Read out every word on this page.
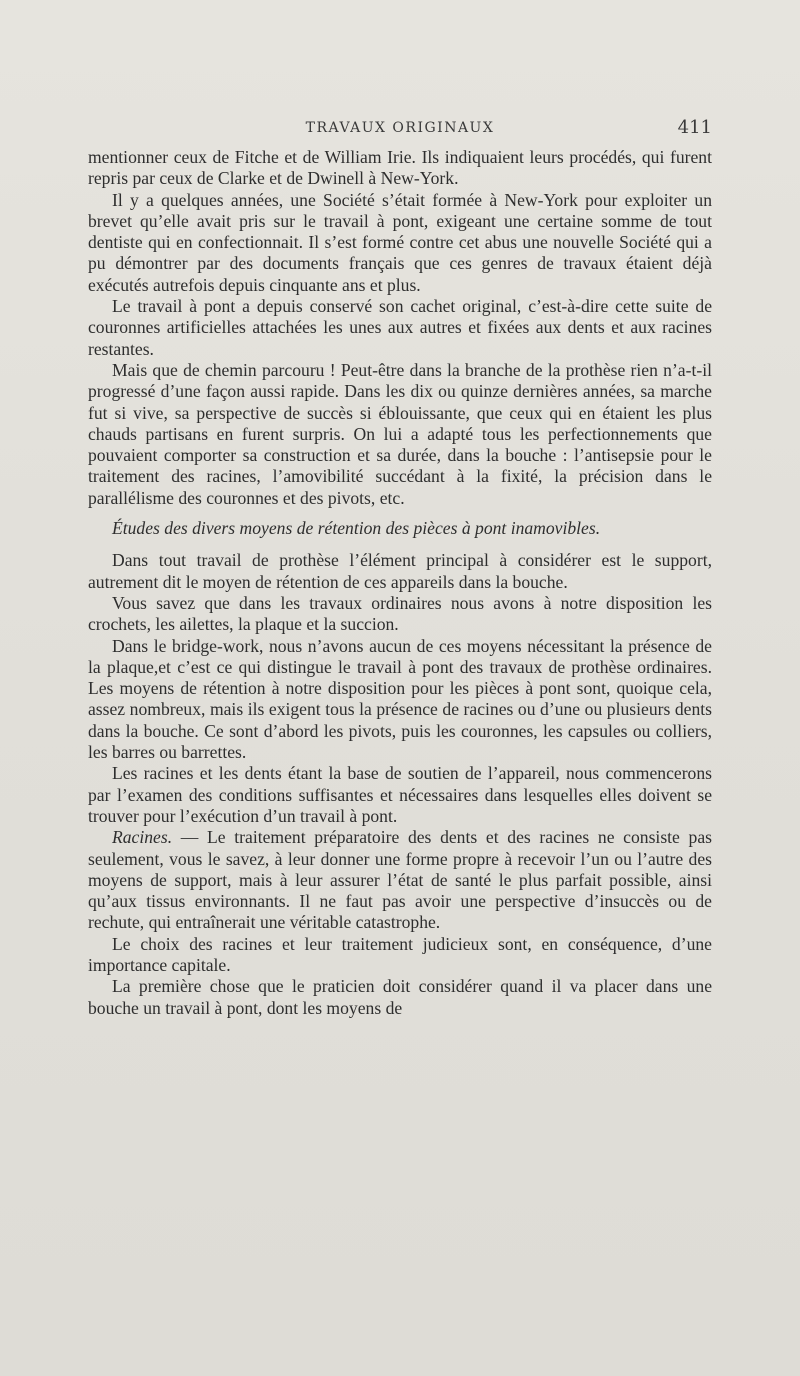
TRAVAUX ORIGINAUX	411

mentionner ceux de Fitche et de William Irie. Ils indiquaient leurs procédés, qui furent repris par ceux de Clarke et de Dwinell à New-York.

Il y a quelques années, une Société s’était formée à New-York pour exploiter un brevet qu’elle avait pris sur le travail à pont, exigeant une certaine somme de tout dentiste qui en confectionnait. Il s’est formé contre cet abus une nouvelle Société qui a pu démontrer par des documents français que ces genres de travaux étaient déjà exécutés autrefois depuis cinquante ans et plus.

Le travail à pont a depuis conservé son cachet original, c’est-à-dire cette suite de couronnes artificielles attachées les unes aux autres et fixées aux dents et aux racines restantes.

Mais que de chemin parcouru ! Peut-être dans la branche de la prothèse rien n’a-t-il progressé d’une façon aussi rapide. Dans les dix ou quinze dernières années, sa marche fut si vive, sa perspective de succès si éblouissante, que ceux qui en étaient les plus chauds partisans en furent surpris. On lui a adapté tous les perfectionnements que pouvaient comporter sa construction et sa durée, dans la bouche : l’antisepsie pour le traitement des racines, l’amovibilité succédant à la fixité, la précision dans le parallélisme des couronnes et des pivots, etc.

Études des divers moyens de rétention des pièces à pont inamovibles.

Dans tout travail de prothèse l’élément principal à considérer est le support, autrement dit le moyen de rétention de ces appareils dans la bouche.

Vous savez que dans les travaux ordinaires nous avons à notre disposition les crochets, les ailettes, la plaque et la succion.

Dans le bridge-work, nous n’avons aucun de ces moyens nécessitant la présence de la plaque,et c’est ce qui distingue le travail à pont des travaux de prothèse ordinaires. Les moyens de rétention à notre disposition pour les pièces à pont sont, quoique cela, assez nombreux, mais ils exigent tous la présence de racines ou d’une ou plusieurs dents dans la bouche. Ce sont d’abord les pivots, puis les couronnes, les capsules ou colliers, les barres ou barrettes.

Les racines et les dents étant la base de soutien de l’appareil, nous commencerons par l’examen des conditions suffisantes et nécessaires dans lesquelles elles doivent se trouver pour l’exécution d’un travail à pont.

Racines. — Le traitement préparatoire des dents et des racines ne consiste pas seulement, vous le savez, à leur donner une forme propre à recevoir l’un ou l’autre des moyens de support, mais à leur assurer l’état de santé le plus parfait possible, ainsi qu’aux tissus environnants. Il ne faut pas avoir une perspective d’insuccès ou de rechute, qui entraînerait une véritable catastrophe.

Le choix des racines et leur traitement judicieux sont, en conséquence, d’une importance capitale.

La première chose que le praticien doit considérer quand il va placer dans une bouche un travail à pont, dont les moyens de
